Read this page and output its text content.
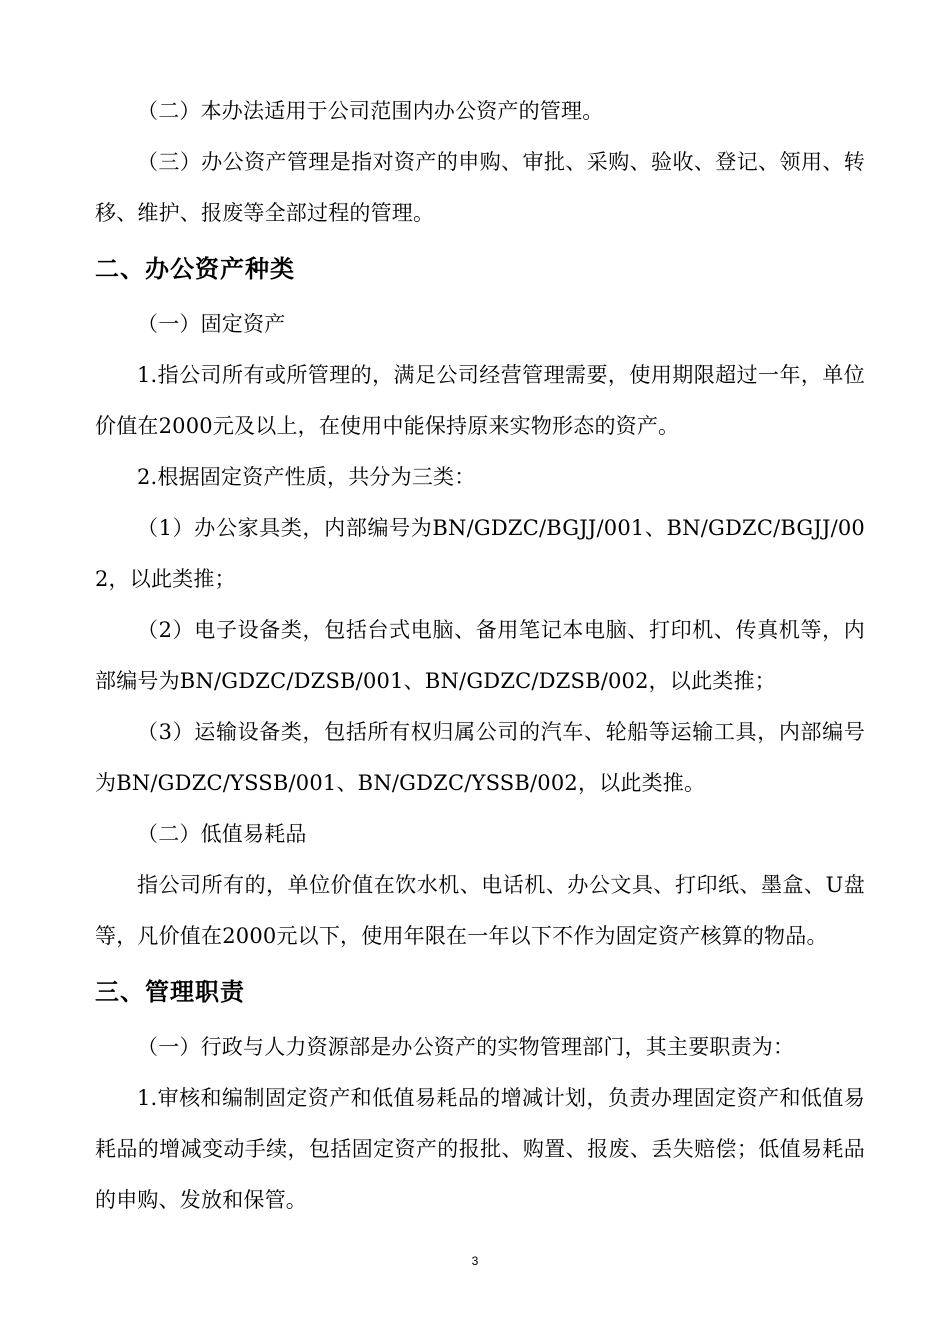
（二）本办法适用于公司范围内办公资产的管理。

（三）办公资产管理是指对资产的申购、审批、采购、验收、登记、领用、转移、维护、报废等全部过程的管理。

二、办公资产种类

（一）固定资产

1.指公司所有或所管理的，满足公司经营管理需要，使用期限超过一年，单位价值在2000元及以上，在使用中能保持原来实物形态的资产。

2.根据固定资产性质，共分为三类：

（1）办公家具类，内部编号为BN/GDZC/BGJJ/001、BN/GDZC/BGJJ/002，以此类推；

（2）电子设备类，包括台式电脑、备用笔记本电脑、打印机、传真机等，内部编号为BN/GDZC/DZSB/001、BN/GDZC/DZSB/002，以此类推；

（3）运输设备类，包括所有权归属公司的汽车、轮船等运输工具，内部编号为BN/GDZC/YSSB/001、BN/GDZC/YSSB/002，以此类推。

（二）低值易耗品

指公司所有的，单位价值在饮水机、电话机、办公文具、打印纸、墨盒、U盘等，凡价值在2000元以下，使用年限在一年以下不作为固定资产核算的物品。

三、管理职责

（一）行政与人力资源部是办公资产的实物管理部门，其主要职责为：

1.审核和编制固定资产和低值易耗品的增减计划，负责办理固定资产和低值易耗品的增减变动手续，包括固定资产的报批、购置、报废、丢失赔偿；低值易耗品的申购、发放和保管。

3
